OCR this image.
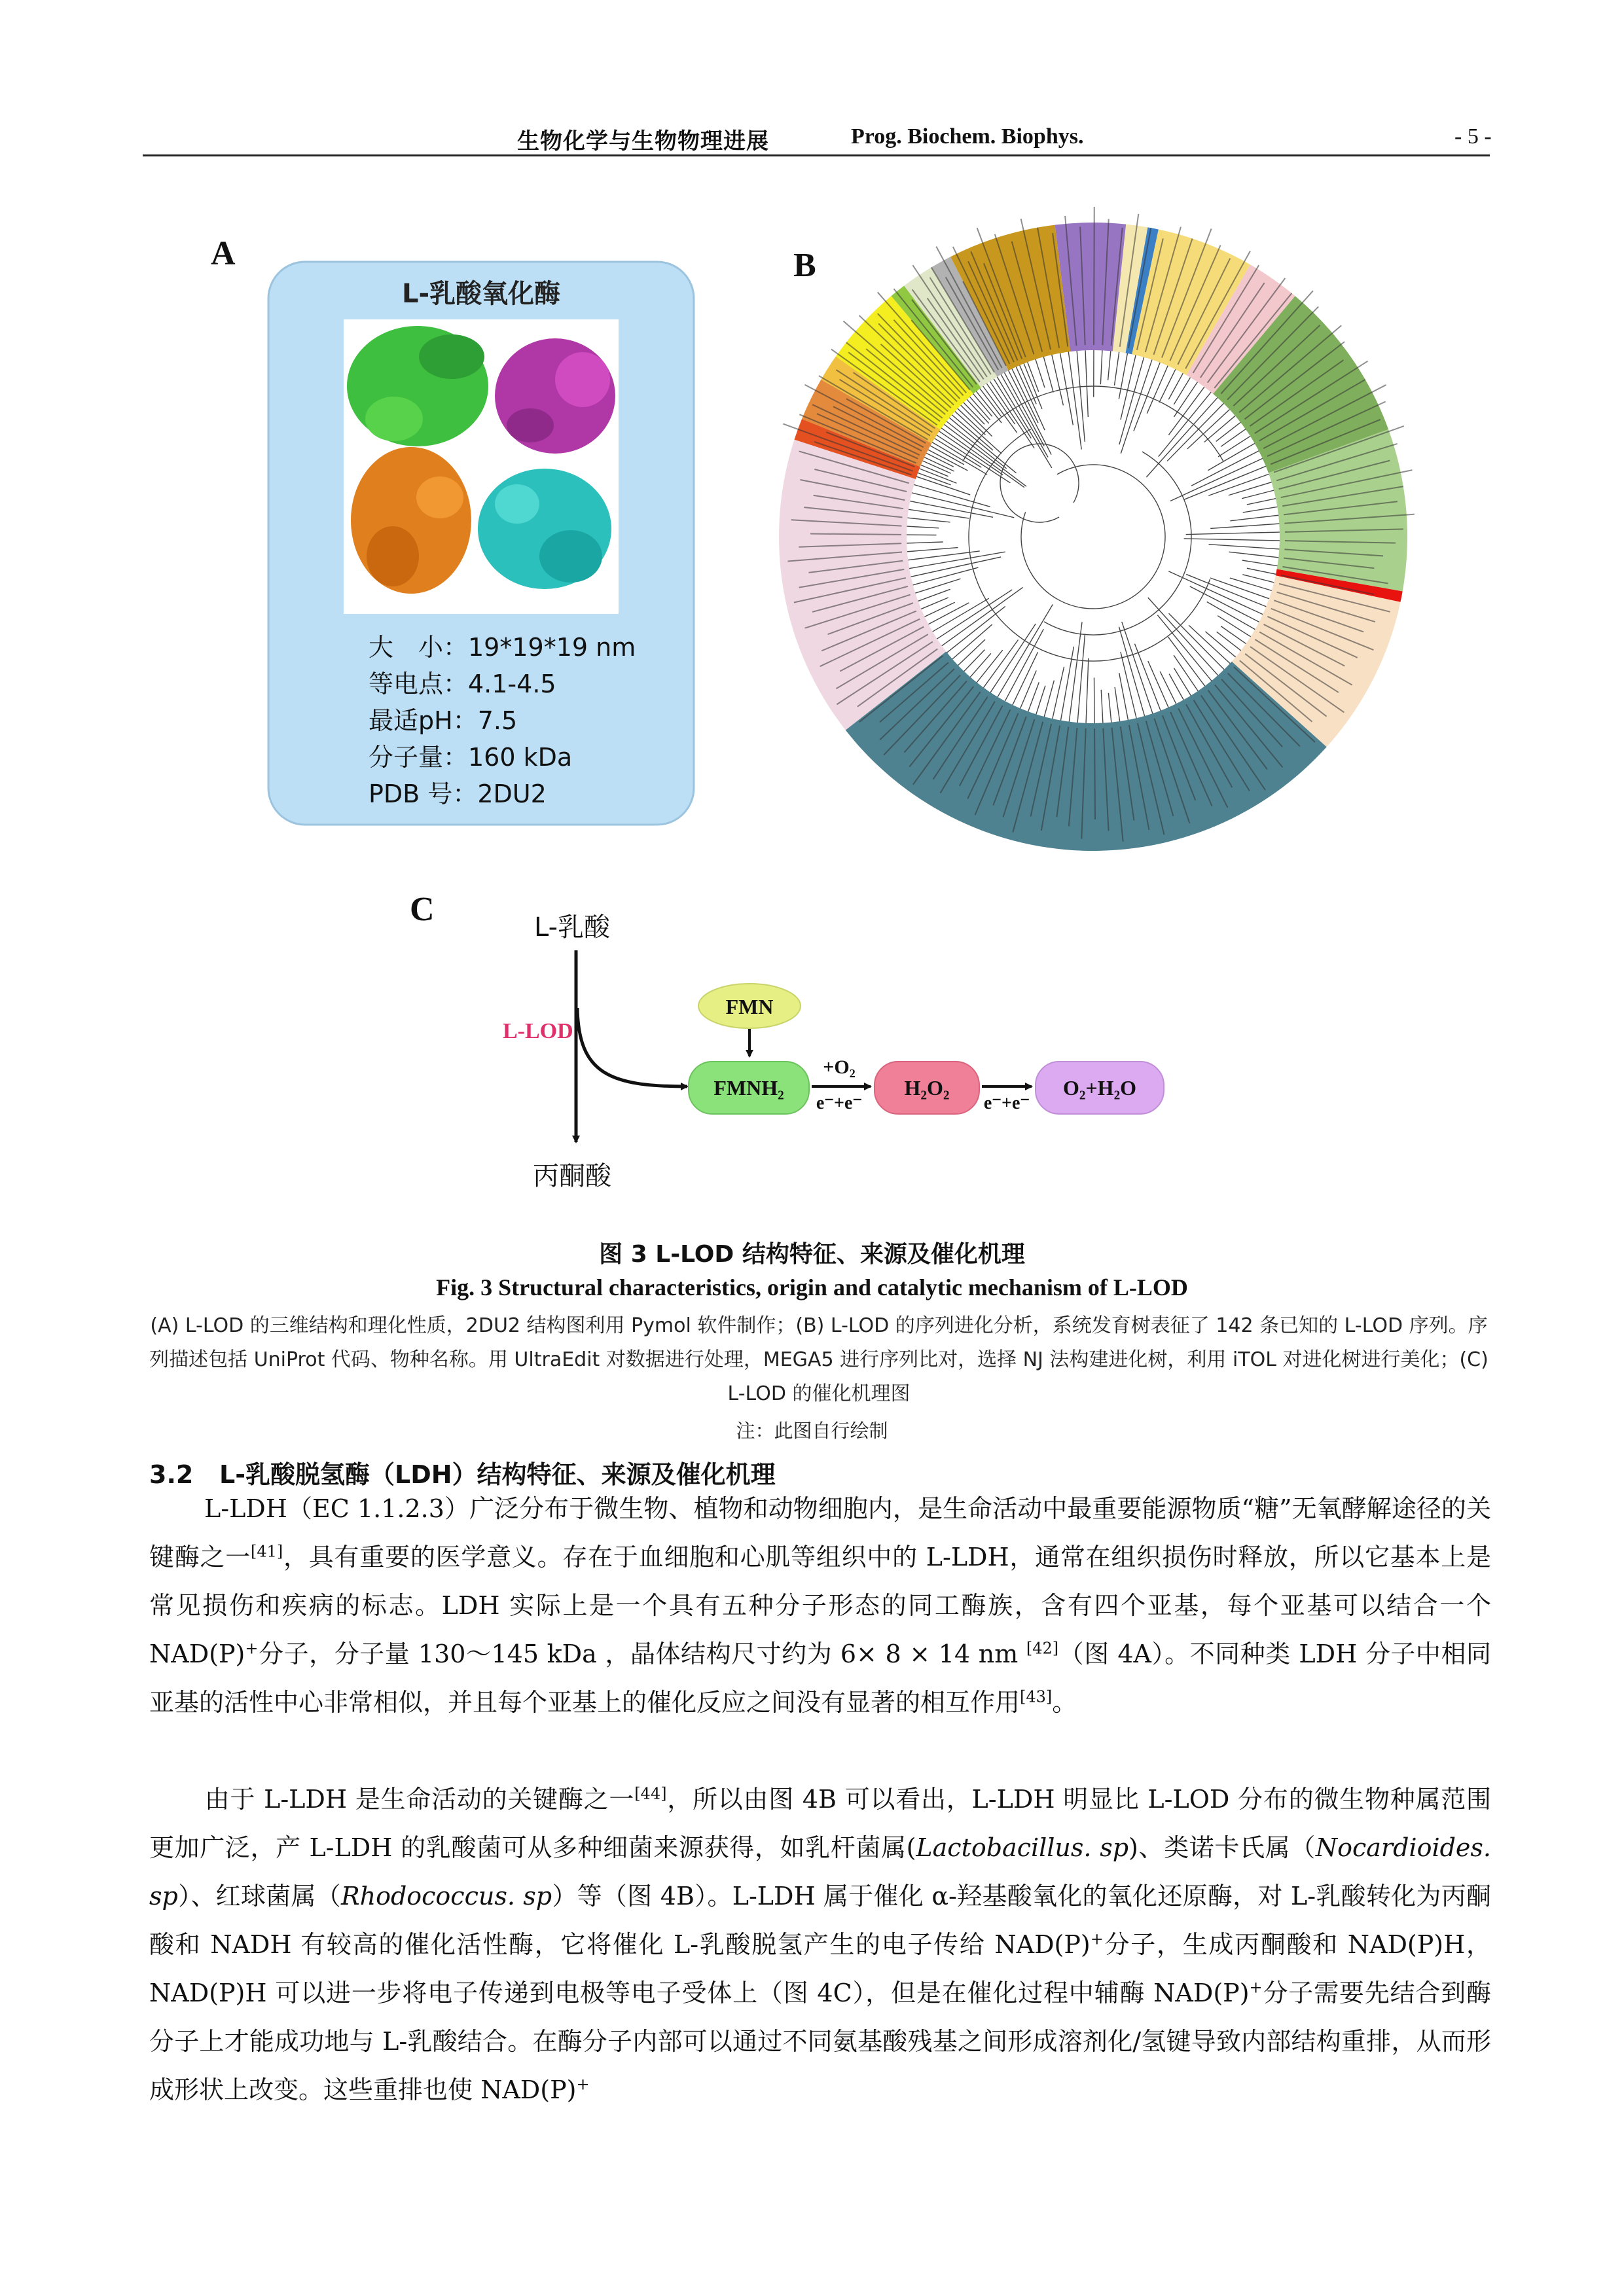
生物化学与生物物理进展	Prog. Biochem. Biophys.	- 5 -
A	B
C
L-乳酸氧化酶
L-乳酸
丙酮酸
L-LOD
FMN
FMNH₂
+O₂
e⁻+e⁻
H₂O₂
e⁻+e⁻
O₂+H₂O
大　小：19*19*19 nm
等电点：4.1-4.5
最适pH：7.5
分子量：160 kDa
PDB 号：2DU2
图 3 L-LOD 结构特征、来源及催化机理
Fig. 3 Structural characteristics, origin and catalytic mechanism of L-LOD
(A) L-LOD 的三维结构和理化性质，2DU2 结构图利用 Pymol 软件制作；(B) L-LOD 的序列进化分析，系统发育树表征了 142 条已知的 L-LOD 序列。序列描述包括 UniProt 代码、物种名称。用 UltraEdit 对数据进行处理，MEGA5 进行序列比对，选择 NJ 法构建进化树，利用 iTOL 对进化树进行美化；(C) L-LOD 的催化机理图
注：此图自行绘制
3.2 L-乳酸脱氢酶（LDH）结构特征、来源及催化机理
L-LDH（EC 1.1.2.3）广泛分布于微生物、植物和动物细胞内，是生命活动中最重要能源物质“糖”无氧酵解途径的关键酶之一[41]，具有重要的医学意义。存在于血细胞和心肌等组织中的 L-LDH，通常在组织损伤时释放，所以它基本上是常见损伤和疾病的标志。LDH 实际上是一个具有五种分子形态的同工酶族，含有四个亚基，每个亚基可以结合一个 NAD(P)+分子，分子量 130～145 kDa ，晶体结构尺寸约为 6× 8 × 14 nm [42]（图 4A）。不同种类 LDH 分子中相同亚基的活性中心非常相似，并且每个亚基上的催化反应之间没有显著的相互作用[43]。
由于 L-LDH 是生命活动的关键酶之一[44]，所以由图 4B 可以看出，L-LDH 明显比 L-LOD 分布的微生物种属范围更加广泛，产 L-LDH 的乳酸菌可从多种细菌来源获得，如乳杆菌属(Lactobacillus. sp)、类诺卡氏属（Nocardioides. sp）、红球菌属（Rhodococcus. sp）等（图 4B）。L-LDH 属于催化 α-羟基酸氧化的氧化还原酶，对 L-乳酸转化为丙酮酸和 NADH 有较高的催化活性酶，它将催化 L-乳酸脱氢产生的电子传给 NAD(P)+分子，生成丙酮酸和 NAD(P)H，NAD(P)H 可以进一步将电子传递到电极等电子受体上（图 4C），但是在催化过程中辅酶 NAD(P)+分子需要先结合到酶分子上才能成功地与 L-乳酸结合。在酶分子内部可以通过不同氨基酸残基之间形成溶剂化/氢键导致内部结构重排，从而形成形状上改变。这些重排也使 NAD(P)+
